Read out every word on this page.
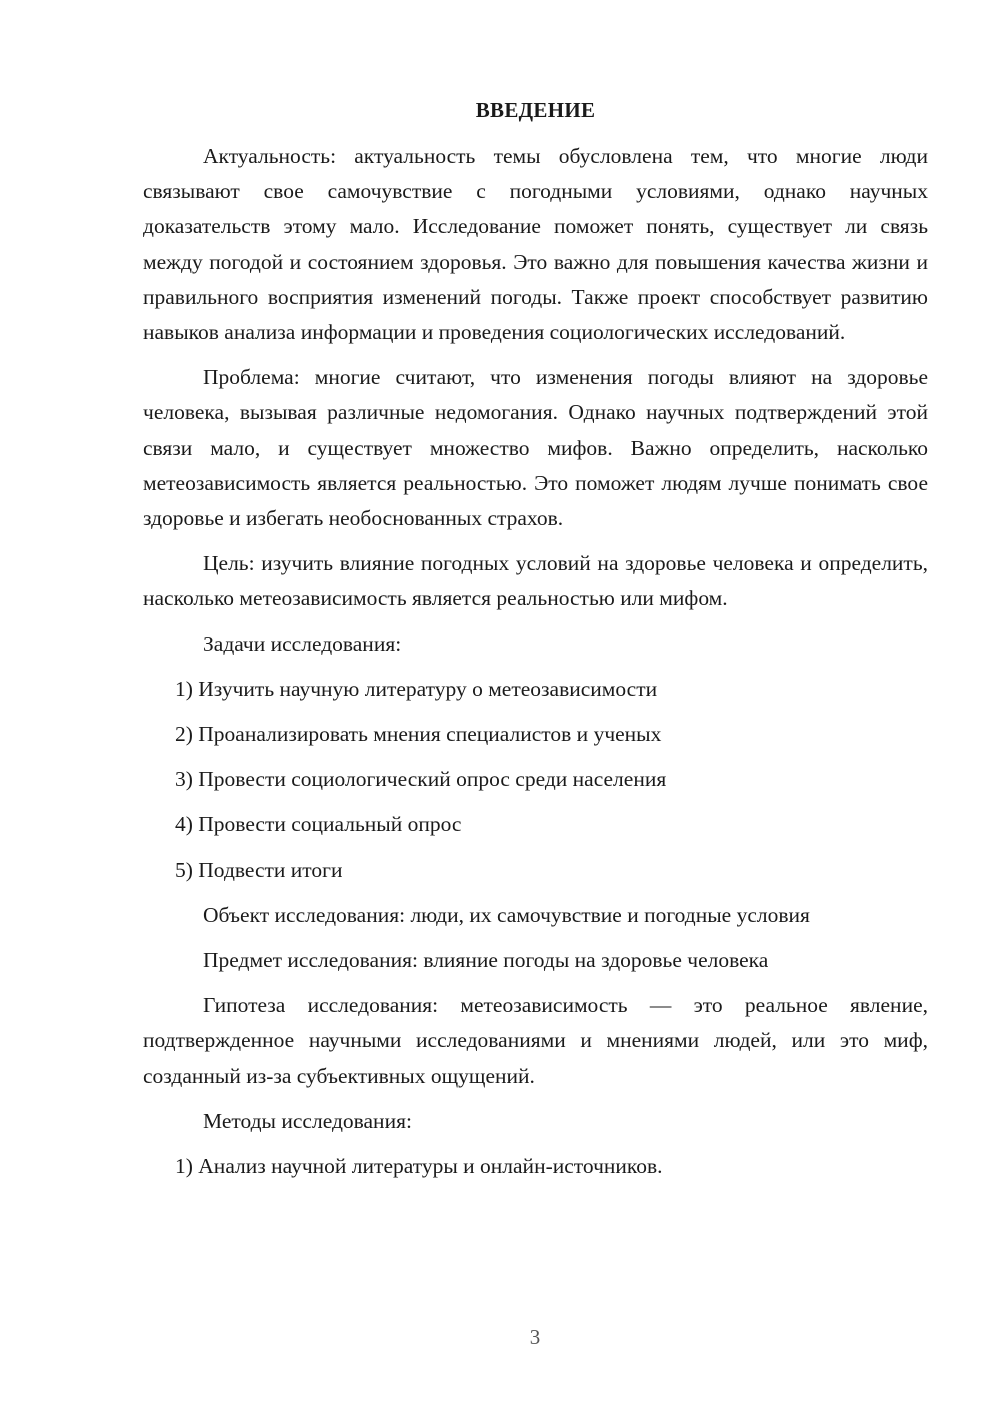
ВВЕДЕНИЕ

Актуальность: актуальность темы обусловлена тем, что многие люди связывают свое самочувствие с погодными условиями, однако научных доказательств этому мало. Исследование поможет понять, существует ли связь между погодой и состоянием здоровья. Это важно для повышения качества жизни и правильного восприятия изменений погоды. Также проект способствует развитию навыков анализа информации и проведения социологических исследований.

Проблема: многие считают, что изменения погоды влияют на здоровье человека, вызывая различные недомогания. Однако научных подтверждений этой связи мало, и существует множество мифов. Важно определить, насколько метеозависимость является реальностью. Это поможет людям лучше понимать свое здоровье и избегать необоснованных страхов.

Цель: изучить влияние погодных условий на здоровье человека и определить, насколько метеозависимость является реальностью или мифом.

Задачи исследования:
1) Изучить научную литературу о метеозависимости
2) Проанализировать мнения специалистов и ученых
3) Провести социологический опрос среди населения
4) Провести социальный опрос
5) Подвести итоги
Объект исследования: люди, их самочувствие и погодные условия
Предмет исследования: влияние погоды на здоровье человека

Гипотеза исследования: метеозависимость — это реальное явление, подтвержденное научными исследованиями и мнениями людей, или это миф, созданный из-за субъективных ощущений.

Методы исследования:
1) Анализ научной литературы и онлайн-источников.
3
